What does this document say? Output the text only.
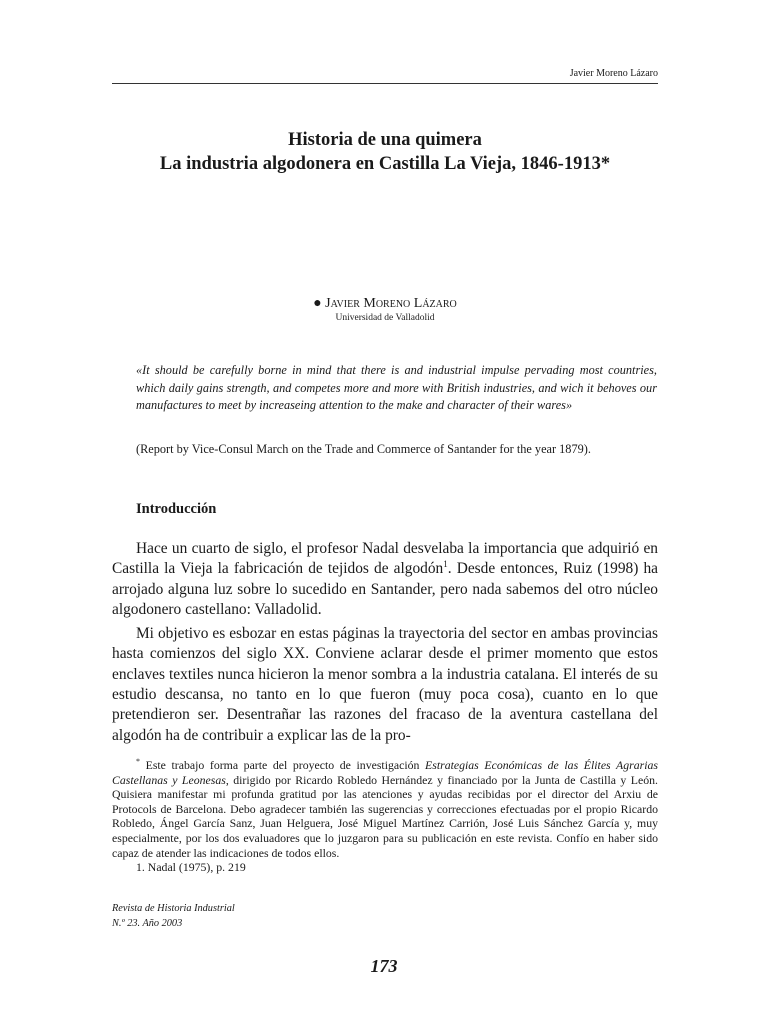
Javier Moreno Lázaro
Historia de una quimera
La industria algodonera en Castilla La Vieja, 1846-1913*
● Javier Moreno Lázaro
Universidad de Valladolid
«It should be carefully borne in mind that there is and industrial impulse pervading most countries, which daily gains strength, and competes more and more with British industries, and wich it behoves our manufactures to meet by increaseing attention to the make and character of their wares»
(Report by Vice-Consul March on the Trade and Commerce of Santander for the year 1879).
Introducción

Hace un cuarto de siglo, el profesor Nadal desvelaba la importancia que adquirió en Castilla la Vieja la fabricación de tejidos de algodón$^1$. Desde entonces, Ruiz (1998) ha arrojado alguna luz sobre lo sucedido en Santander, pero nada sabemos del otro núcleo algodonero castellano: Valladolid.

Mi objetivo es esbozar en estas páginas la trayectoria del sector en ambas provincias hasta comienzos del siglo XX. Conviene aclarar desde el primer momento que estos enclaves textiles nunca hicieron la menor sombra a la industria catalana. El interés de su estudio descansa, no tanto en lo que fueron (muy poca cosa), cuanto en lo que pretendieron ser. Desentrañar las razones del fracaso de la aventura castellana del algodón ha de contribuir a explicar las de la pro-

* Este trabajo forma parte del proyecto de investigación Estrategias Económicas de las Élites Agrarias Castellanas y Leonesas, dirigido por Ricardo Robledo Hernández y financiado por la Junta de Castilla y León. Quisiera manifestar mi profunda gratitud por las atenciones y ayudas recibidas por el director del Arxiu de Protocols de Barcelona. Debo agradecer también las sugerencias y correcciones efectuadas por el propio Ricardo Robledo, Ángel García Sanz, Juan Helguera, José Miguel Martínez Carrión, José Luis Sánchez García y, muy especialmente, por los dos evaluadores que lo juzgaron para su publicación en este revista. Confío en haber sido capaz de atender las indicaciones de todos ellos.

1. Nadal (1975), p. 219

Revista de Historia Industrial
N.º 23. Año 2003
173
